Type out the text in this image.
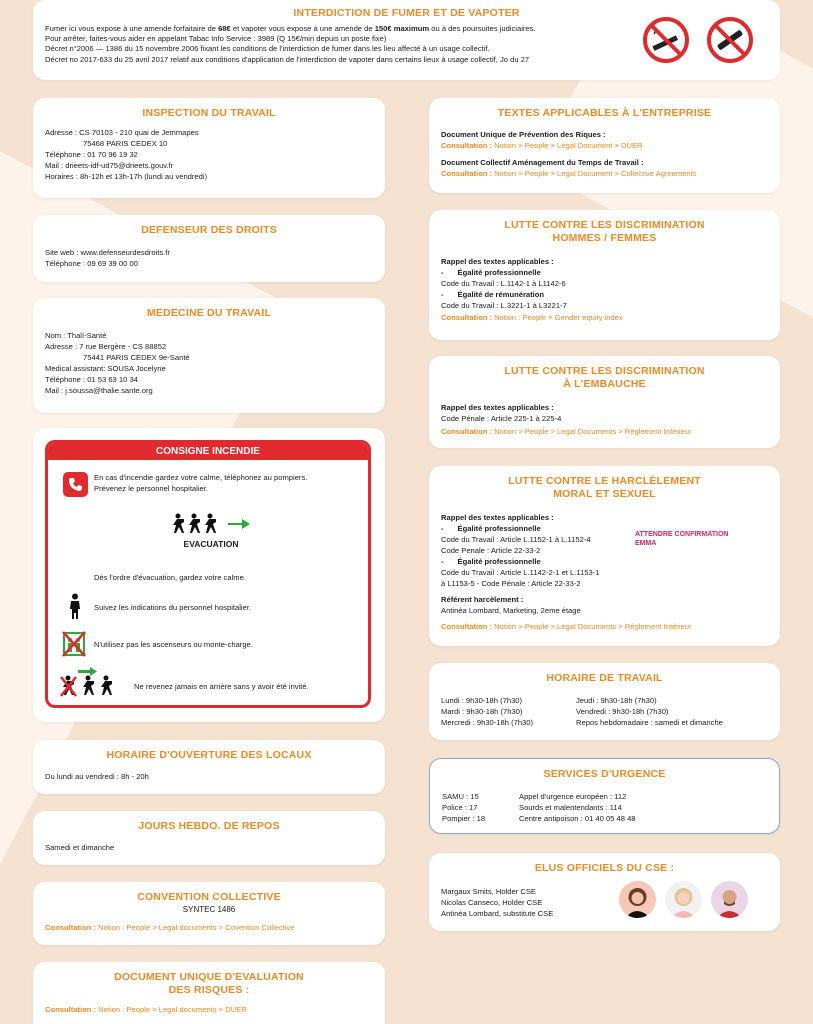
INTERDICTION DE FUMER ET DE VAPOTER
Fumer ici vous expose à une amende forfaitaire de 68€ et vapoter vous expose à une amende de 150€ maximum ou à des poursuites judiciaires.
Pour arrêter, faites-vous aider en appelant Tabac Info Service : 3989 (Q 15€/min depuis un poste fixe)
Décret n°2006 — 1386 du 15 novembre 2006 fixant les conditions de l'interdiction de fumer dans les lieu affecté à un usage collectif.
Décret no 2017-633 du 25 avril 2017 relatif aux conditions d'application de l'interdiction de vapoter dans certains lieux à usage collectif, Jo du 27
INSPECTION DU TRAVAIL
Adresse : CS 70103 - 210 quai de Jemmapes
75468 PARIS CEDEX 10
Téléphone : 01 70 96 19 32
Mail : drieets-idf-ud75@drieets.gouv.fr
Horaires : 8h-12h et 13h-17h (lundi au vendredi)
DEFENSEUR DES DROITS
Site web : www.defenseurdesdroits.fr
Téléphone : 09 69 39 00 00
MEDECINE DU TRAVAIL
Nom : Thalí-Santé
Adresse : 7 rue Bergère - CS 88852
75441 PARIS CEDEX 9e-Santé
Medical assistant: SOUSA Jocelyne
Téléphone : 01 53 63 10 34
Mail : j.soussa@thalie.sante.org
CONSIGNE INCENDIE
En cas d'incendie gardez votre calme, téléphonez au pompiers.
Prévenez le personnel hospitalier.
EVACUATION
Dès l'ordre d'évacuation, gardez votre calme.
Suivez les indications du personnel hospitalier.
N'utilisez pas les ascenseurs ou monte-charge.
Ne revenez jamais en arrière sans y avoir été invité.
HORAIRE D'OUVERTURE DES LOCAUX
Du lundi au vendredi : 8h - 20h
JOURS HEBDO. DE REPOS
Samedi et dimanche
CONVENTION COLLECTIVE
SYNTEC 1486
Consultation : Notion : People > Legal documents > Covention Collective
DOCUMENT UNIQUE D'EVALUATION
DES RISQUES :
Consultation : Notion : People > Legal documents > DUER
TEXTES APPLICABLES À L'ENTREPRISE
Document Unique de Prévention des Riques :
Consultation : Notion > People > Legal Document > DUER
Document Collectif Aménagement du Temps de Travail :
Consultation : Notion > People > Legal Document > Collective Agreements
LUTTE CONTRE LES DISCRIMINATION
HOMMES / FEMMES
Rappel des textes applicables :
- Égalité professionnelle
Code du Travail : L.1142-1 à L1142-6
- Égalité de rémunération
Code du Travail : L.3221-1 à L3221-7
Consultation : Notion : People > Gender equity index
LUTTE CONTRE LES DISCRIMINATION
À L'EMBAUCHE
Rappel des textes applicables :
Code Pénale : Article 225-1 à 225-4
Consultation : Notion > People > Legal Documents > Règlement Intérieur
LUTTE CONTRE LE HARCLÈLEMENT
MORAL ET SEXUEL
Rappel des textes applicables :
- Égalité professionnelle
Code du Travail : Article L.1152-1 à L.1152-4
Code Penale : Article 22-33-2
- Égalité professionnelle
Code du Travail : Article L.1142-2-1 et L.1153-1
à L1153-5 - Code Pénale : Article 22-33-2
ATTENDRE CONFIRMATION
EMMA
Référent harcèlement :
Antinéa Lombard, Marketing, 2eme étage
Consultation : Notion > People > Legal Documents > Règlement Intérieur
HORAIRE DE TRAVAIL
Lundi : 9h30-18h (7h30)
Mardi : 9h30-18h (7h30)
Mercredi : 9h30-18h (7h30)
Jeudi : 9h30-18h (7h30)
Vendredi : 9h30-18h (7h30)
Repos hebdomadaire : samedi et dimanche
SERVICES D'URGENCE
SAMU : 15
Police : 17
Pompier : 18
Appel d'urgence européen : 112
Sourds et malentendants : 114
Centre antipoison : 01 40 05 48 48
ELUS OFFICIELS DU CSE :
Margaux Smits, Holder CSE
Nicolas Canseco, Holder CSE
Antinéa Lombard, substitute CSE
